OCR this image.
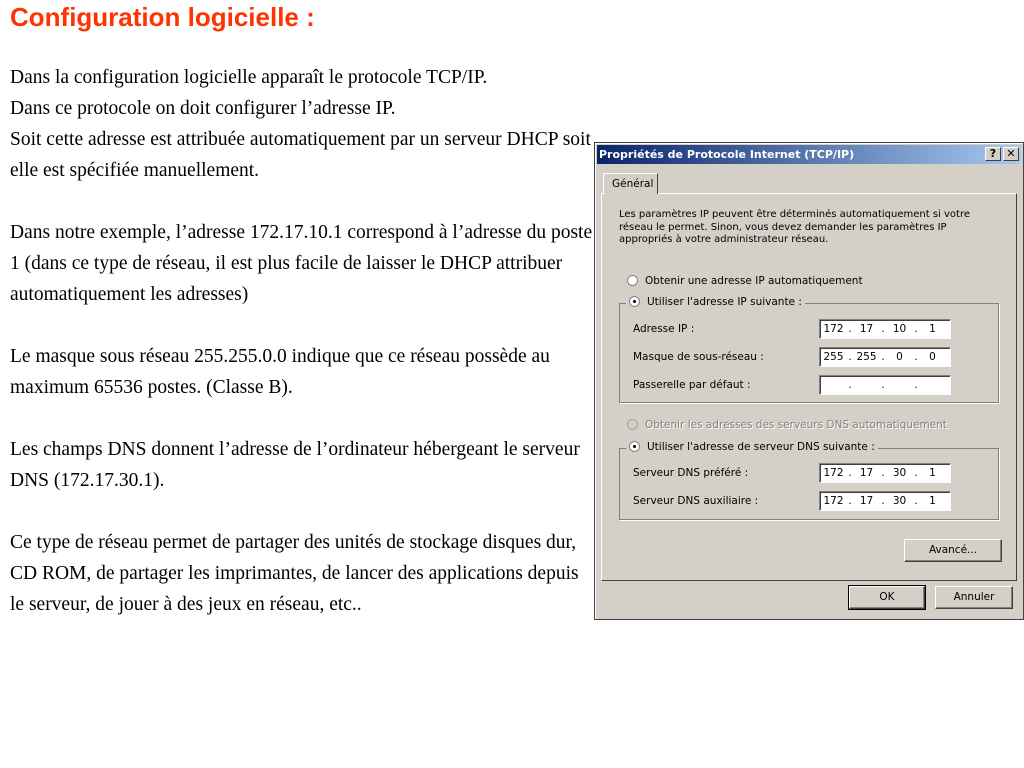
Configuration logicielle :

Dans la configuration logicielle apparaît le protocole TCP/IP.

Dans ce protocole on doit configurer l’adresse IP.

Soit cette adresse est attribuée automatiquement par un serveur DHCP soit elle est spécifiée manuellement.

Dans notre exemple, l’adresse 172.17.10.1 correspond à l’adresse du poste 1 (dans ce type de réseau, il est plus facile de laisser le DHCP attribuer automatiquement les adresses)

Le masque sous réseau 255.255.0.0 indique que ce réseau possède au maximum 65536 postes. (Classe B).

Les champs DNS donnent l’adresse de l’ordinateur hébergeant le serveur DNS (172.17.30.1).

Ce type de réseau permet de partager des unités de stockage disques dur, CD ROM, de partager les imprimantes, de lancer des applications depuis le serveur, de jouer à des jeux en réseau, etc..

Propriétés de Protocole Internet (TCP/IP)	? ✕
Général
Les paramètres IP peuvent être déterminés automatiquement si votre réseau le permet. Sinon, vous devez demander les paramètres IP appropriés à votre administrateur réseau.
Obtenir une adresse IP automatiquement
Utiliser l'adresse IP suivante :
Adresse IP :	172 . 17 . 10 .	1
Masque de sous-réseau :	255 . 255 .	0	.	0
Passerelle par défaut :	.	.	.
Obtenir les adresses des serveurs DNS automatiquement
Utiliser l'adresse de serveur DNS suivante :
Serveur DNS préféré :	172 . 17 . 30 .	1
Serveur DNS auxiliaire :	172 . 17 . 30 .	1
Avancé...
OK	Annuler
